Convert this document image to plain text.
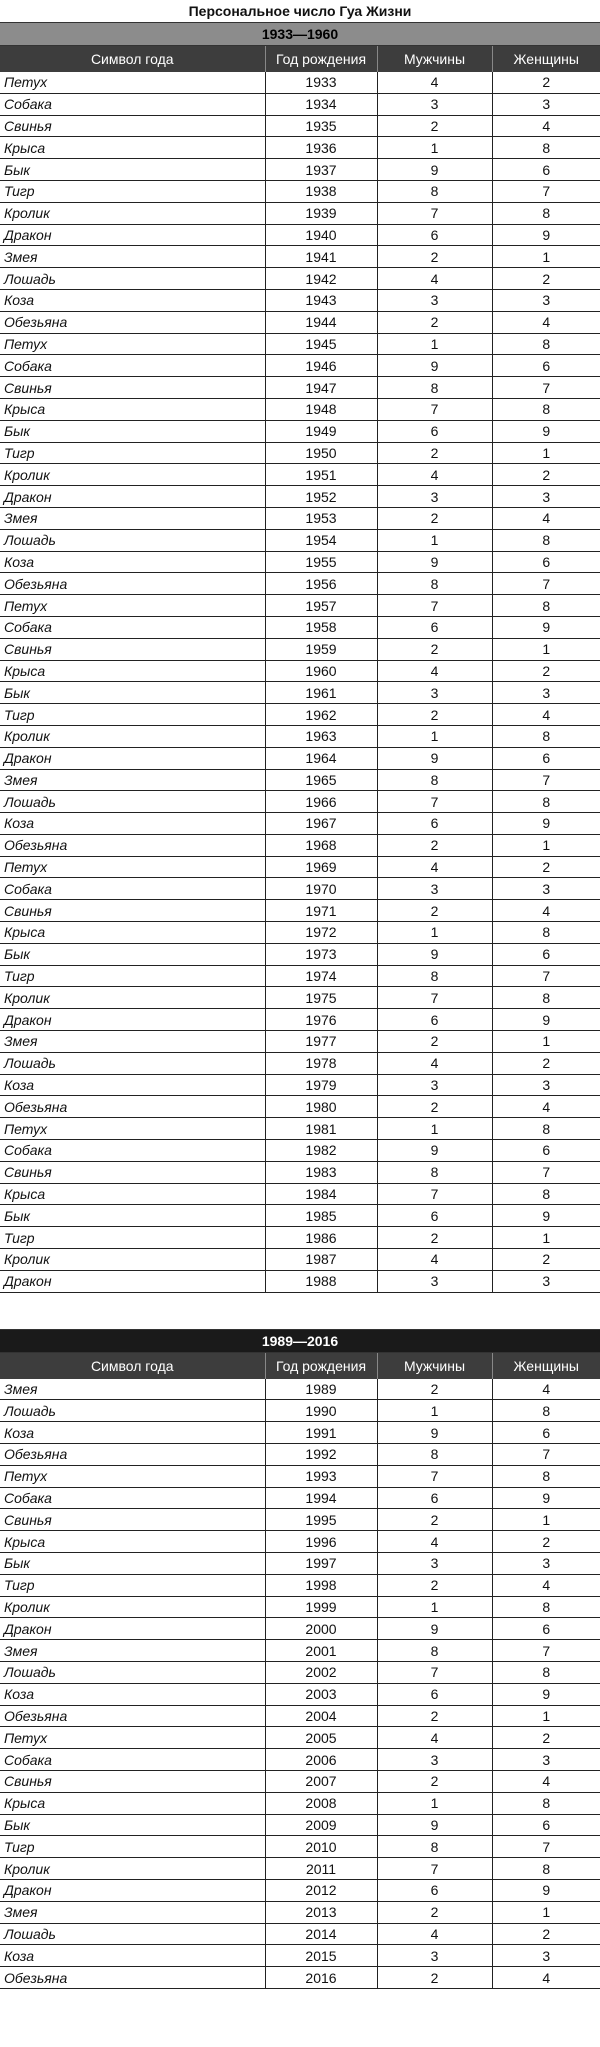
Персональное число Гуа Жизни
1933—1960
Символ года	Год рождения	Мужчины	Женщины
Петух	1933	4	2
Собака	1934	3	3
Свинья	1935	2	4
Крыса	1936	1	8
Бык	1937	9	6
Тигр	1938	8	7
Кролик	1939	7	8
Дракон	1940	6	9
Змея	1941	2	1
Лошадь	1942	4	2
Коза	1943	3	3
Обезьяна	1944	2	4
Петух	1945	1	8
Собака	1946	9	6
Свинья	1947	8	7
Крыса	1948	7	8
Бык	1949	6	9
Тигр	1950	2	1
Кролик	1951	4	2
Дракон	1952	3	3
Змея	1953	2	4
Лошадь	1954	1	8
Коза	1955	9	6
Обезьяна	1956	8	7
Петух	1957	7	8
Собака	1958	6	9
Свинья	1959	2	1
Крыса	1960	4	2
Бык	1961	3	3
Тигр	1962	2	4
Кролик	1963	1	8
Дракон	1964	9	6
Змея	1965	8	7
Лошадь	1966	7	8
Коза	1967	6	9
Обезьяна	1968	2	1
Петух	1969	4	2
Собака	1970	3	3
Свинья	1971	2	4
Крыса	1972	1	8
Бык	1973	9	6
Тигр	1974	8	7
Кролик	1975	7	8
Дракон	1976	6	9
Змея	1977	2	1
Лошадь	1978	4	2
Коза	1979	3	3
Обезьяна	1980	2	4
Петух	1981	1	8
Собака	1982	9	6
Свинья	1983	8	7
Крыса	1984	7	8
Бык	1985	6	9
Тигр	1986	2	1
Кролик	1987	4	2
Дракон	1988	3	3
1989—2016
Символ года	Год рождения	Мужчины	Женщины
Змея	1989	2	4
Лошадь	1990	1	8
Коза	1991	9	6
Обезьяна	1992	8	7
Петух	1993	7	8
Собака	1994	6	9
Свинья	1995	2	1
Крыса	1996	4	2
Бык	1997	3	3
Тигр	1998	2	4
Кролик	1999	1	8
Дракон	2000	9	6
Змея	2001	8	7
Лошадь	2002	7	8
Коза	2003	6	9
Обезьяна	2004	2	1
Петух	2005	4	2
Собака	2006	3	3
Свинья	2007	2	4
Крыса	2008	1	8
Бык	2009	9	6
Тигр	2010	8	7
Кролик	2011	7	8
Дракон	2012	6	9
Змея	2013	2	1
Лошадь	2014	4	2
Коза	2015	3	3
Обезьяна	2016	2	4
